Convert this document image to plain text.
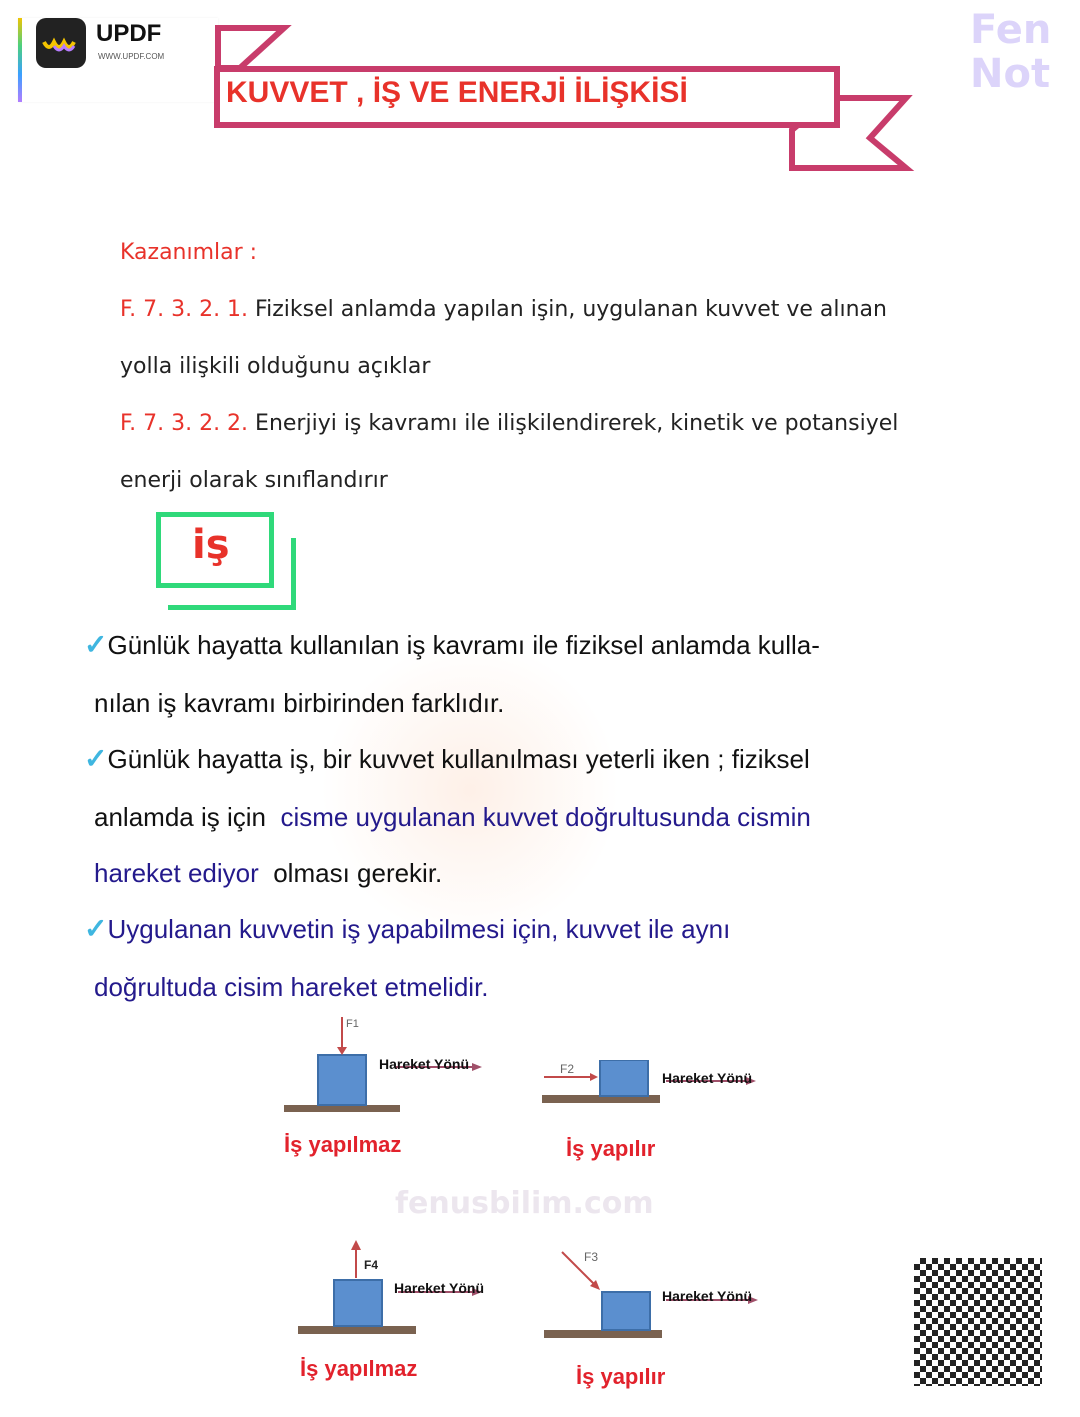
fenusbilim.com
UPDF
WWW.UPDF.COM
KUVVET , İŞ VE ENERJİ İLİŞKİSİ
Fen Not
Kazanımlar :
F. 7. 3. 2. 1. Fiziksel anlamda yapılan işin, uygulanan kuvvet ve alınan
yolla ilişkili olduğunu açıklar
F. 7. 3. 2. 2. Enerjiyi iş kavramı ile ilişkilendirerek, kinetik ve potansiyel
enerji olarak sınıflandırır
iş
✓Günlük hayatta kullanılan iş kavramı ile fiziksel anlamda kulla-
nılan iş kavramı birbirinden farklıdır.
✓Günlük hayatta iş, bir kuvvet kullanılması yeterli iken ; fiziksel
anlamda iş için cisme uygulanan kuvvet doğrultusunda cismin
hareket ediyor olması gerekir.
✓Uygulanan kuvvetin iş yapabilmesi için, kuvvet ile aynı
doğrultuda cisim hareket etmelidir.
F1
Hareket Yönü
İş yapılmaz
F2
Hareket Yönü
İş yapılır
F4
Hareket Yönü
İş yapılmaz
F3
Hareket Yönü
İş yapılır
